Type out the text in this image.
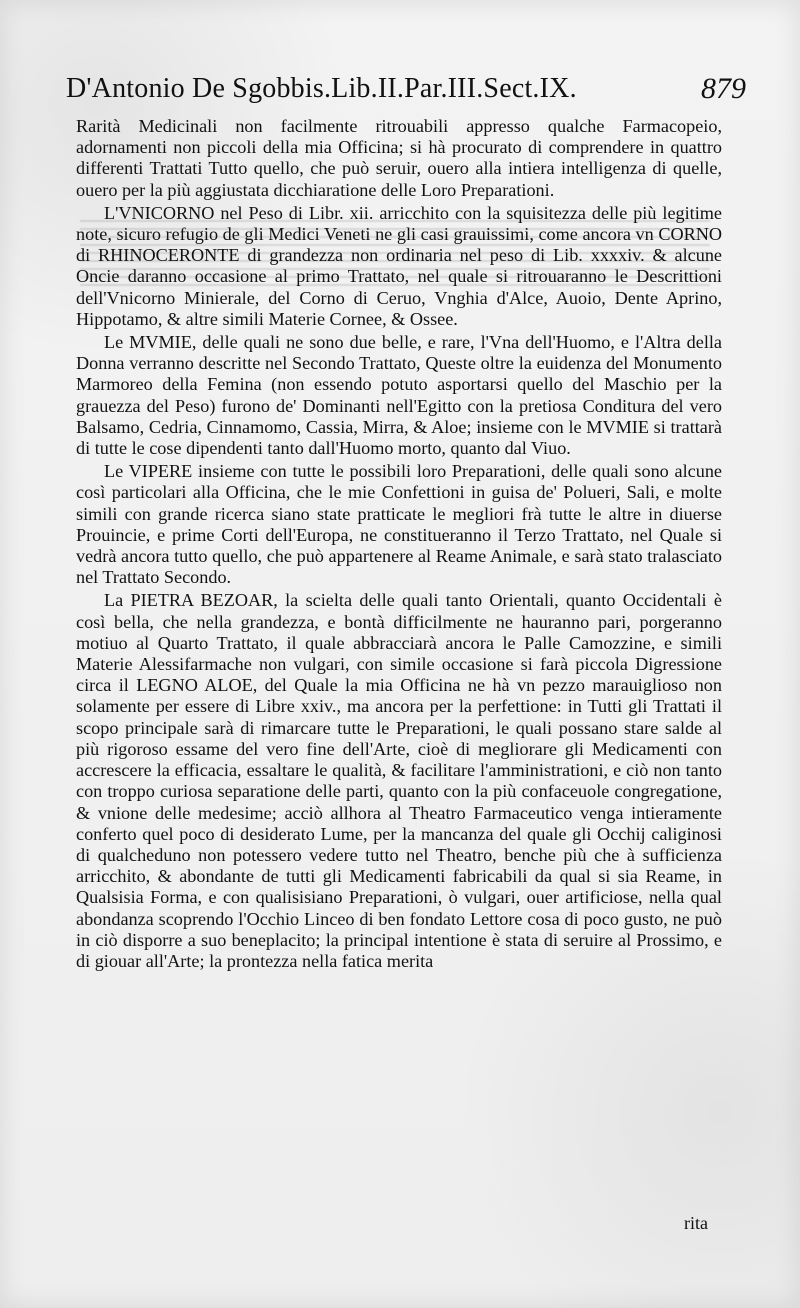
D'Antonio De Sgobbis.Lib.II.Par.III.Sect.IX.	879

Rarità Medicinali non facilmente ritrouabili appresso qualche Farmacopeio, adornamenti non piccoli della mia Officina; si hà procurato di comprendere in quattro differenti Trattati Tutto quello, che può seruir, ouero alla intiera intelligenza di quelle, ouero per la più aggiustata dicchiaratione delle Loro Preparationi.

L'VNICORNO nel Peso di Libr. xii. arricchito con la squisitezza delle più legitime note, sicuro refugio de gli Medici Veneti ne gli casi grauissimi, come ancora vn CORNO di RHINOCERONTE di grandezza non ordinaria nel peso di Lib. xxxxiv. & alcune Oncie daranno occasione al primo Trattato, nel quale si ritrouaranno le Descrittioni dell'Vnicorno Minierale, del Corno di Ceruo, Vnghia d'Alce, Auoio, Dente Aprino, Hippotamo, & altre simili Materie Cornee, & Ossee.

Le MVMIE, delle quali ne sono due belle, e rare, l'Vna dell'Huomo, e l'Altra della Donna verranno descritte nel Secondo Trattato, Queste oltre la euidenza del Monumento Marmoreo della Femina (non essendo potuto asportarsi quello del Maschio per la grauezza del Peso) furono de' Dominanti nell'Egitto con la pretiosa Conditura del vero Balsamo, Cedria, Cinnamomo, Cassia, Mirra, & Aloe; insieme con le MVMIE si trattarà di tutte le cose dipendenti tanto dall'Huomo morto, quanto dal Viuo.

Le VIPERE insieme con tutte le possibili loro Preparationi, delle quali sono alcune così particolari alla Officina, che le mie Confettioni in guisa de' Polueri, Sali, e molte simili con grande ricerca siano state pratticate le megliori frà tutte le altre in diuerse Prouincie, e prime Corti dell'Europa, ne constitueranno il Terzo Trattato, nel Quale si vedrà ancora tutto quello, che può appartenere al Reame Animale, e sarà stato tralasciato nel Trattato Secondo.

La PIETRA BEZOAR, la scielta delle quali tanto Orientali, quanto Occidentali è così bella, che nella grandezza, e bontà difficilmente ne hauranno pari, porgeranno motiuo al Quarto Trattato, il quale abbracciarà ancora le Palle Camozzine, e simili Materie Alessifarmache non vulgari, con simile occasione si farà piccola Digressione circa il LEGNO ALOE, del Quale la mia Officina ne hà vn pezzo marauiglioso non solamente per essere di Libre xxiv., ma ancora per la perfettione: in Tutti gli Trattati il scopo principale sarà di rimarcare tutte le Preparationi, le quali possano stare salde al più rigoroso essame del vero fine dell'Arte, cioè di megliorare gli Medicamenti con accrescere la efficacia, essaltare le qualità, & facilitare l'amministrationi, e ciò non tanto con troppo curiosa separatione delle parti, quanto con la più confaceuole congregatione, & vnione delle medesime; acciò allhora al Theatro Farmaceutico venga intieramente conferto quel poco di desiderato Lume, per la mancanza del quale gli Occhij caliginosi di qualcheduno non potessero vedere tutto nel Theatro, benche più che à sufficienza arricchito, & abondante de tutti gli Medicamenti fabricabili da qual si sia Reame, in Qualsisia Forma, e con qualisisiano Preparationi, ò vulgari, ouer artificiose, nella qual abondanza scoprendo l'Occhio Linceo di ben fondato Lettore cosa di poco gusto, ne può in ciò disporre a suo beneplacito; la principal intentione è stata di seruire al Prossimo, e di giouar all'Arte; la prontezza nella fatica meritа

rita
